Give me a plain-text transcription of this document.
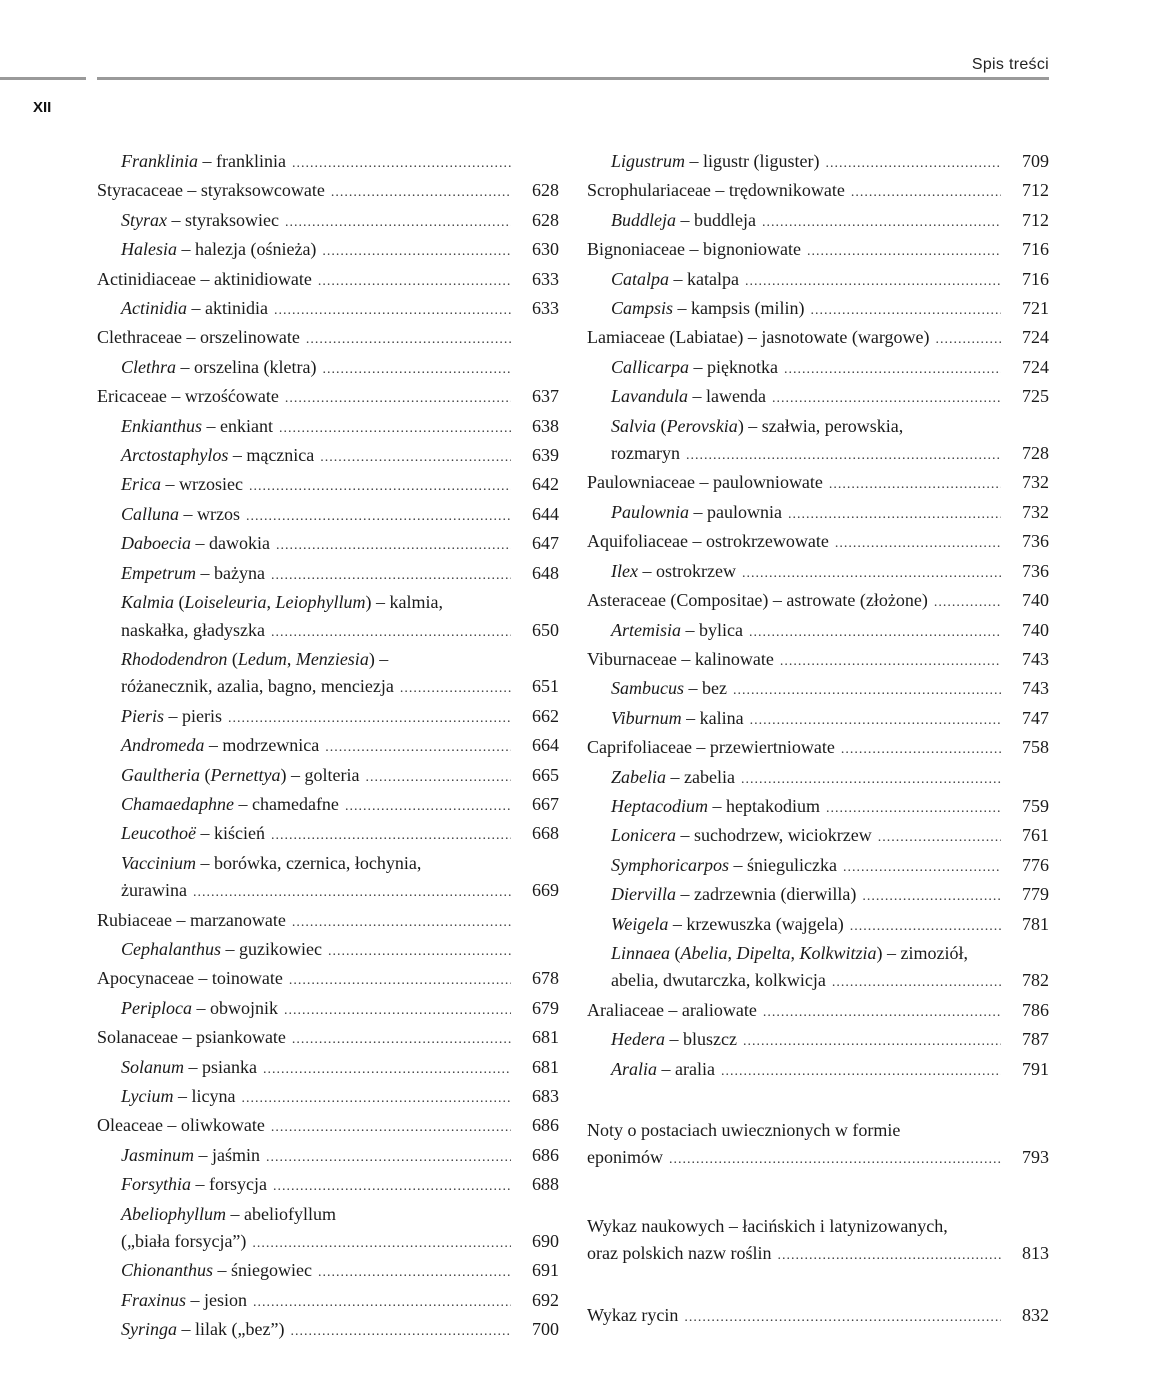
Spis treści
XII
Franklinia – franklinia
.....
Styracaceae – styraksowcowate .....	628
Styrax – styraksowiec .....	628
Halesia – halezja (ośnieża) .....	630
Actinidiaceae – aktinidiowate .....	633
Actinidia – aktinidia .....	633
Clethraceae – orszelinowate
.....
Clethra – orszelina (kletra)
.....
Ericaceae – wrzośćowate .....	637
Enkianthus – enkiant .....	638
Arctostaphylos – mącznica .....	639
Erica – wrzosiec .....	642
Calluna – wrzos .....	644
Daboecia – dawokia .....	647
Empetrum – bażyna .....	648
Kalmia (Loiseleuria, Leiophyllum) – kalmia,
naskałka, gładyszka .....	650
Rhododendron (Ledum, Menziesia) –
różanecznik, azalia, bagno, menciezja .....	651
Pieris – pieris .....	662
Andromeda – modrzewnica .....	664
Gaultheria (Pernettya) – golteria .....	665
Chamaedaphne – chamedafne .....	667
Leucothoë – kiścień .....	668
Vaccinium – borówka, czernica, łochynia,
żurawina .....	669
Rubiaceae – marzanowate
.....
Cephalanthus – guzikowiec
.....
Apocynaceae – toinowate .....	678
Periploca – obwojnik .....	679
Solanaceae – psiankowate .....	681
Solanum – psianka .....	681
Lycium – licyna .....	683
Oleaceae – oliwkowate .....	686
Jasminum – jaśmin .....	686
Forsythia – forsycja .....	688
Abeliophyllum – abeliofyllum
(„biała forsycja”) .....	690
Chionanthus – śniegowiec .....	691
Fraxinus – jesion .....	692
Syringa – lilak („bez”) .....	700
Ligustrum – ligustr (liguster) .....	709
Scrophulariaceae – trędownikowate .....	712
Buddleja – buddleja .....	712
Bignoniaceae – bignoniowate .....	716
Catalpa – katalpa .....	716
Campsis – kampsis (milin) .....	721
Lamiaceae (Labiatae) – jasnotowate (wargowe) .....	724
Callicarpa – pięknotka .....	724
Lavandula – lawenda .....	725
Salvia (Perovskia) – szałwia, perowskia,
rozmaryn .....	728
Paulowniaceae – paulowniowate .....	732
Paulownia – paulownia .....	732
Aquifoliaceae – ostrokrzewowate .....	736
Ilex – ostrokrzew .....	736
Asteraceae (Compositae) – astrowate (złożone) .....	740
Artemisia – bylica .....	740
Viburnaceae – kalinowate .....	743
Sambucus – bez .....	743
Viburnum – kalina .....	747
Caprifoliaceae – przewiertniowate .....	758
Zabelia – zabelia
.....
Heptacodium – heptakodium .....	759
Lonicera – suchodrzew, wiciokrzew .....	761
Symphoricarpos – śnieguliczka .....	776
Diervilla – zadrzewnia (dierwilla) .....	779
Weigela – krzewuszka (wajgela) .....	781
Linnaea (Abelia, Dipelta, Kolkwitzia) – zimoziół,
abelia, dwutarczka, kolkwicja .....	782
Araliaceae – araliowate .....	786
Hedera – bluszcz .....	787
Aralia – aralia .....	791
Noty o postaciach uwiecznionych w formie
eponimów .....	793
Wykaz naukowych – łacińskich i latynizowanych,
oraz polskich nazw roślin .....	813
Wykaz rycin .....	832
